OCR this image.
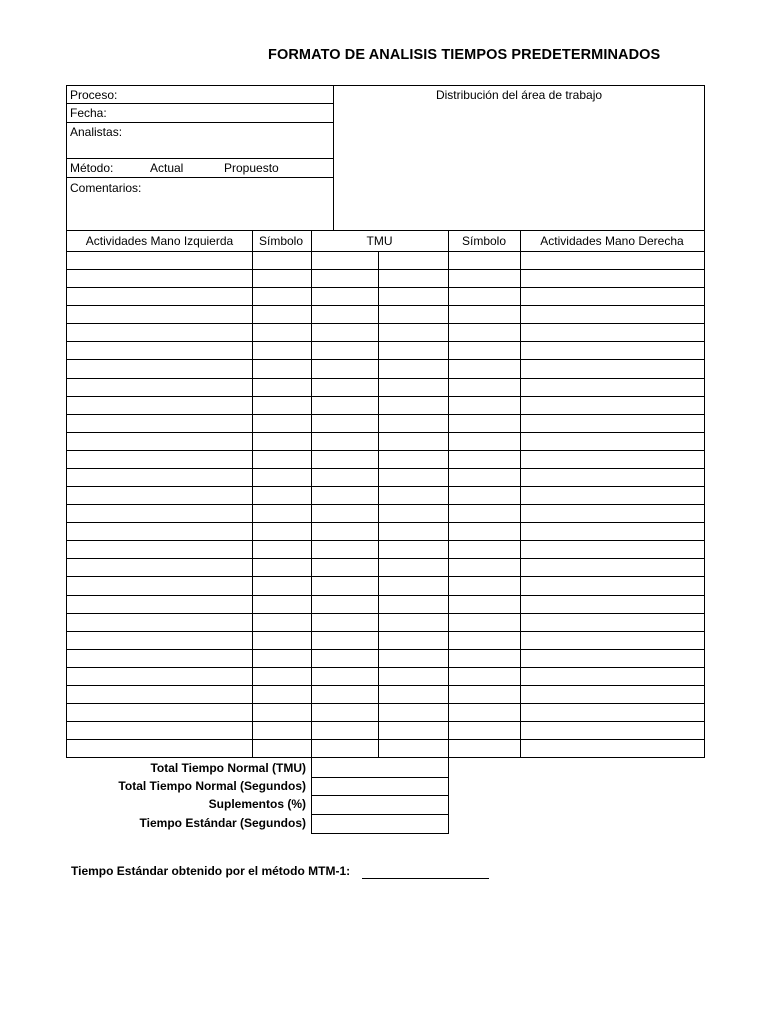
FORMATO DE ANALISIS TIEMPOS PREDETERMINADOS
Proceso:
Fecha:
Analistas:
Método:	Actual	Propuesto
Comentarios:
Distribución del área de trabajo
Actividades Mano Izquierda	Símbolo	TMU	Símbolo	Actividades Mano Derecha
Total Tiempo Normal (TMU)
Total Tiempo Normal (Segundos)
Suplementos (%)
Tiempo Estándar (Segundos)
Tiempo Estándar obtenido por el método MTM-1:
